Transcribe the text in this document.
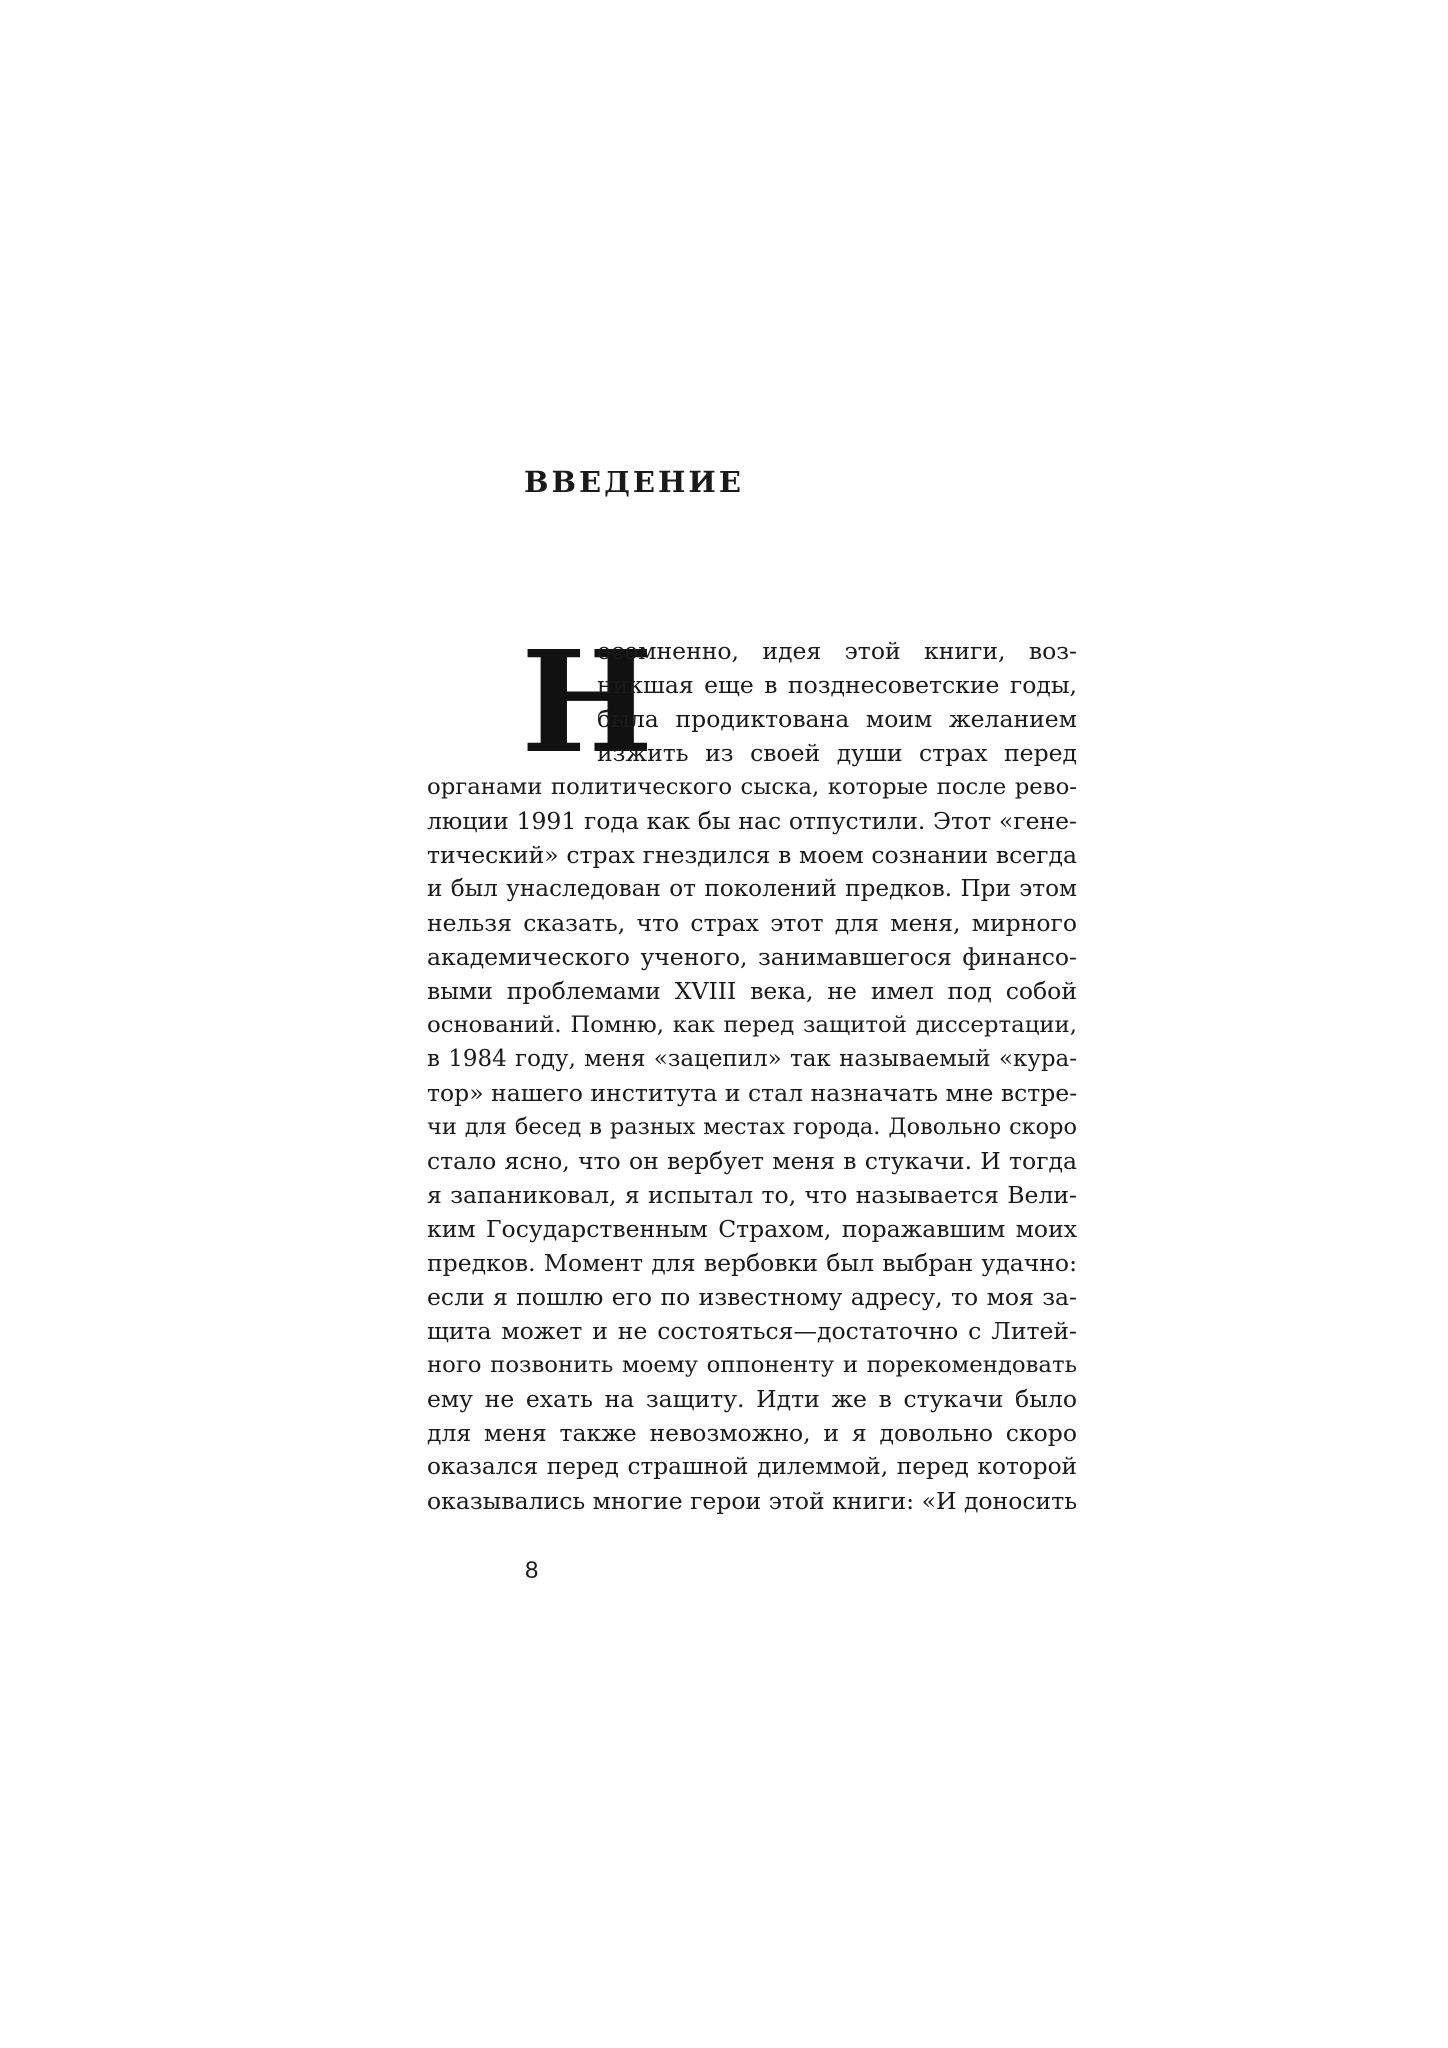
ВВЕДЕНИЕ
Н
есомненно, идея этой книги, воз-
никшая еще в позднесоветские годы,
была продиктована моим желанием
изжить из своей души страх перед
органами политического сыска, которые после рево-
люции 1991 года как бы нас отпустили. Этот «гене-
тический» страх гнездился в моем сознании всегда
и был унаследован от поколений предков. При этом
нельзя сказать, что страх этот для меня, мирного
академического ученого, занимавшегося финансо-
выми проблемами XVIII века, не имел под собой
оснований. Помню, как перед защитой диссертации,
в 1984 году, меня «зацепил» так называемый «кура-
тор» нашего института и стал назначать мне встре-
чи для бесед в разных местах города. Довольно скоро
стало ясно, что он вербует меня в стукачи. И тогда
я запаниковал, я испытал то, что называется Вели-
ким Государственным Страхом, поражавшим моих
предков. Момент для вербовки был выбран удачно:
если я пошлю его по известному адресу, то моя за-
щита может и не состояться—достаточно с Литей-
ного позвонить моему оппоненту и порекомендовать
ему не ехать на защиту. Идти же в стукачи было
для меня также невозможно, и я довольно скоро
оказался перед страшной дилеммой, перед которой
оказывались многие герои этой книги: «И доносить
8
